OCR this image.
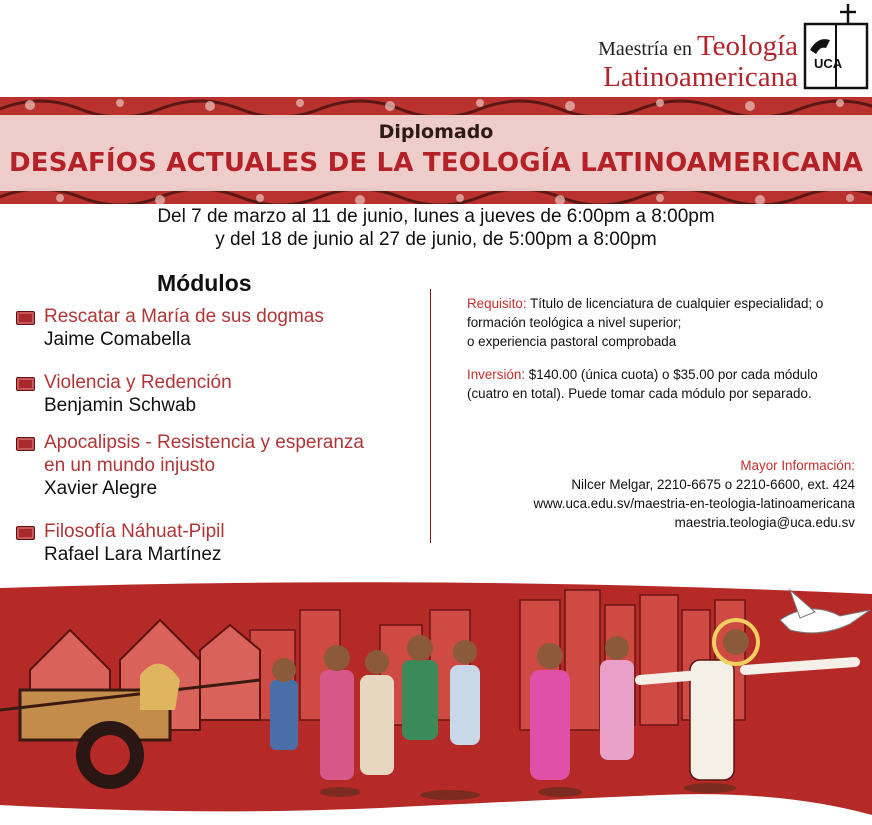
Maestría en Teología
Latinoamericana UCA
Diplomado
DESAFÍOS ACTUALES DE LA TEOLOGÍA LATINOAMERICANA
Del 7 de marzo al 11 de junio, lunes a jueves de 6:00pm a 8:00pm
y del 18 de junio al 27 de junio, de 5:00pm a 8:00pm
Módulos
Rescatar a María de sus dogmas
Jaime Comabella
Violencia y Redención
Benjamin Schwab
Apocalipsis - Resistencia y esperanza
en un mundo injusto
Xavier Alegre
Filosofía Náhuat-Pipil
Rafael Lara Martínez
Requisito: Título de licenciatura de cualquier especialidad; o
formación teológica a nivel superior;
o experiencia pastoral comprobada
Inversión: $140.00 (única cuota) o $35.00 por cada módulo
(cuatro en total). Puede tomar cada módulo por separado.
Mayor Información:
Nilcer Melgar, 2210-6675 o 2210-6600, ext. 424
www.uca.edu.sv/maestria-en-teologia-latinoamericana
maestria.teologia@uca.edu.sv
